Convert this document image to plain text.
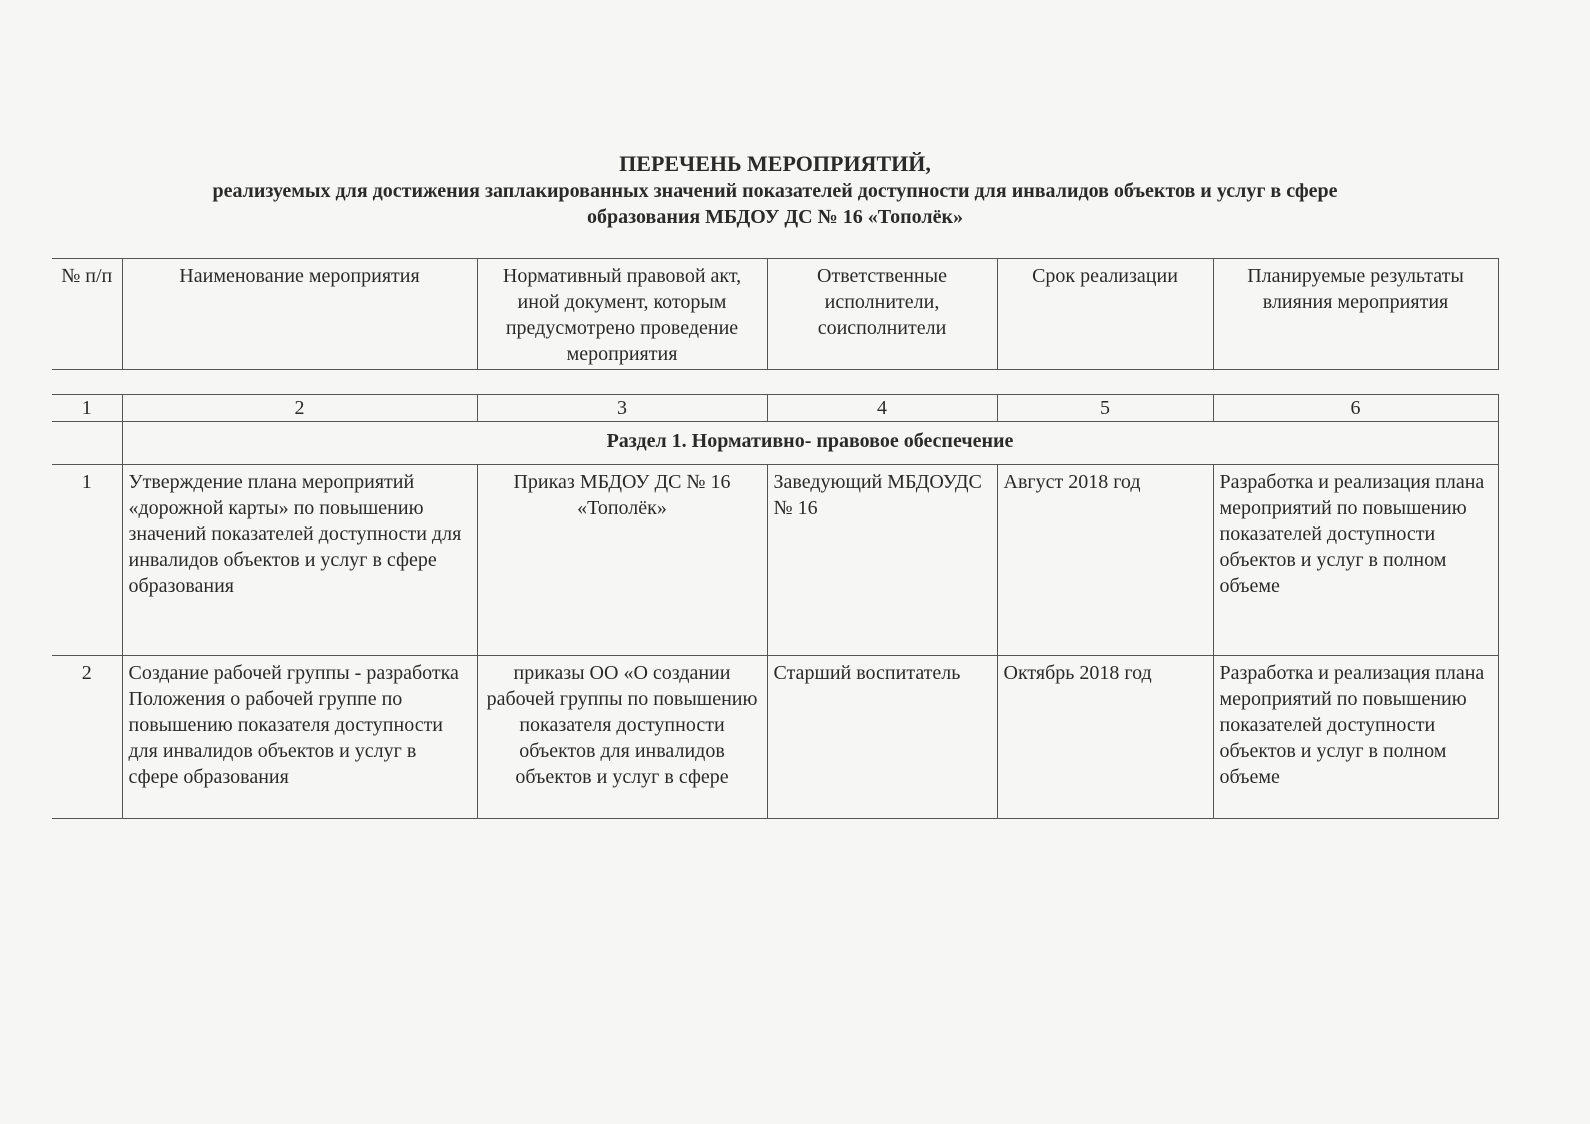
ПЕРЕЧЕНЬ МЕРОПРИЯТИЙ,
реализуемых для достижения заплакированных значений показателей доступности для инвалидов объектов и услуг в сфере
образования МБДОУ ДС № 16 «Тополёк»
№ п/п	Наименование мероприятия	Нормативный правовой акт, иной документ, которым предусмотрено проведение мероприятия	Ответственные исполнители, соисполнители	Срок реализации	Планируемые результаты влияния мероприятия
1	2	3	4	5	6
	Раздел 1. Нормативно- правовое обеспечение				
1	Утверждение плана мероприятий «дорожной карты» по повышению значений показателей доступности для инвалидов объектов и услуг в сфере образования	Приказ МБДОУ ДС № 16 «Тополёк»	Заведующий МБДОУДС № 16	Август 2018 год	Разработка и реализация плана мероприятий по повышению показателей доступности объектов и услуг в полном объеме
2	Создание рабочей группы - разработка Положения о рабочей группе по повышению показателя доступности для инвалидов объектов и услуг в сфере образования	приказы ОО «О создании рабочей группы по повышению показателя доступности объектов для инвалидов объектов и услуг в сфере	Старший воспитатель	Октябрь 2018 год	Разработка и реализация плана мероприятий по повышению показателей доступности объектов и услуг в полном объеме
